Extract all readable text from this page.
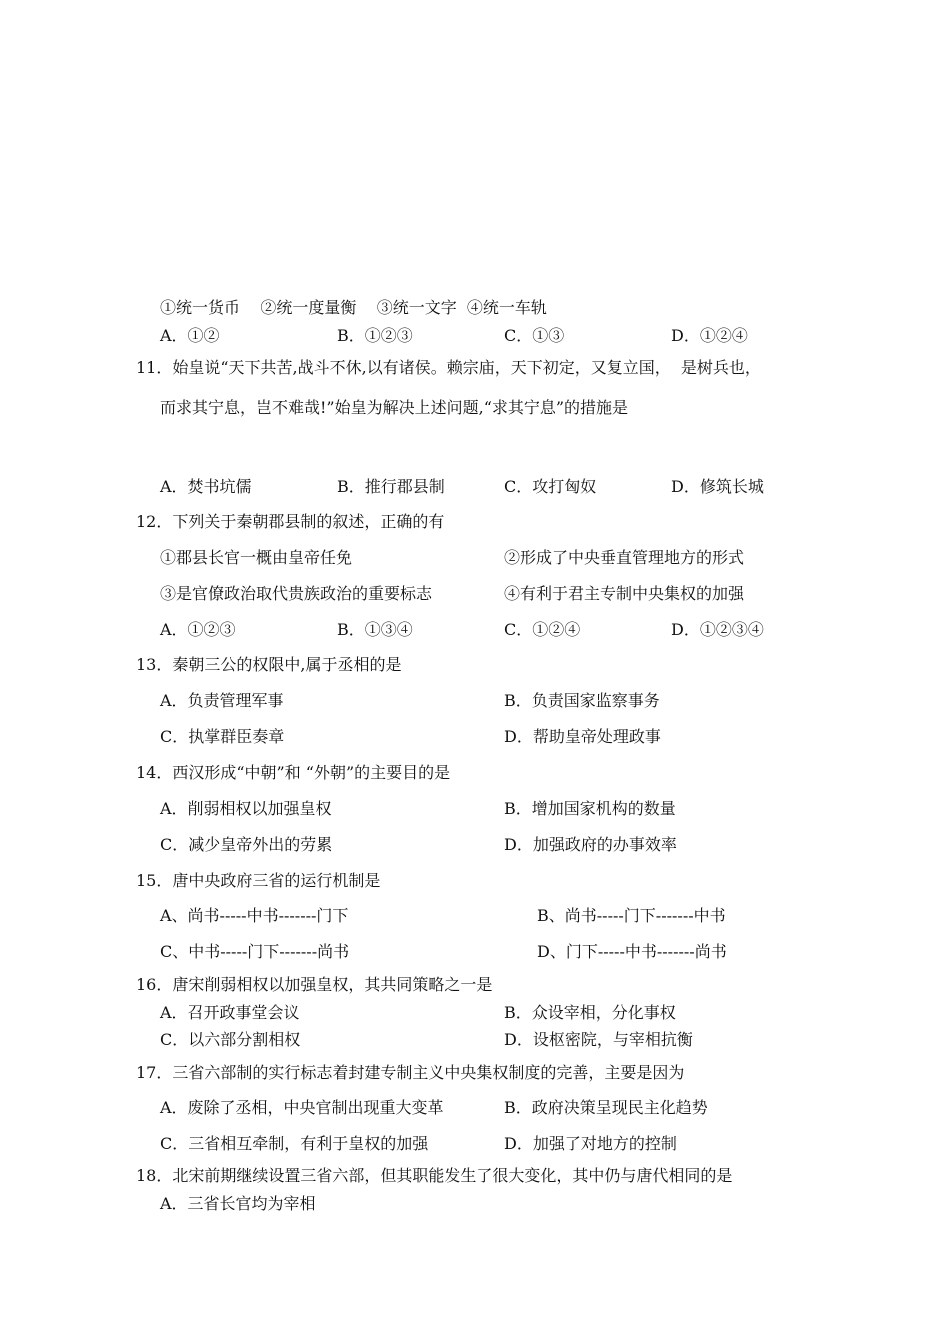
①统一货币    ②统一度量衡    ③统一文字  ④统一车轨
A．①②	B．①②③	C．①③	D．①②④
11．始皇说“天下共苦,战斗不休,以有诸侯。赖宗庙，天下初定，又复立国，  是树兵也，
而求其宁息，岂不难哉!”始皇为解决上述问题,“求其宁息”的措施是
A．焚书坑儒	B．推行郡县制	C．攻打匈奴	D．修筑长城
12．下列关于秦朝郡县制的叙述，正确的有
①郡县长官一概由皇帝任免	②形成了中央垂直管理地方的形式
③是官僚政治取代贵族政治的重要标志	④有利于君主专制中央集权的加强
A．①②③	B．①③④	C．①②④	D．①②③④
13．秦朝三公的权限中,属于丞相的是
A．负责管理军事	B．负责国家监察事务
C．执掌群臣奏章	D．帮助皇帝处理政事
14．西汉形成“中朝”和 “外朝”的主要目的是
A．削弱相权以加强皇权	B．增加国家机构的数量
C．减少皇帝外出的劳累	D．加强政府的办事效率
15．唐中央政府三省的运行机制是
A、尚书-----中书-------门下	B、尚书-----门下-------中书
C、中书-----门下-------尚书	D、门下-----中书-------尚书
16．唐宋削弱相权以加强皇权，其共同策略之一是
A．召开政事堂会议	B．众设宰相，分化事权
C．以六部分割相权	D．设枢密院，与宰相抗衡
17．三省六部制的实行标志着封建专制主义中央集权制度的完善，主要是因为
A．废除了丞相，中央官制出现重大变革	B．政府决策呈现民主化趋势
C．三省相互牵制，有利于皇权的加强	D．加强了对地方的控制
18．北宋前期继续设置三省六部，但其职能发生了很大变化，其中仍与唐代相同的是
A．三省长官均为宰相
